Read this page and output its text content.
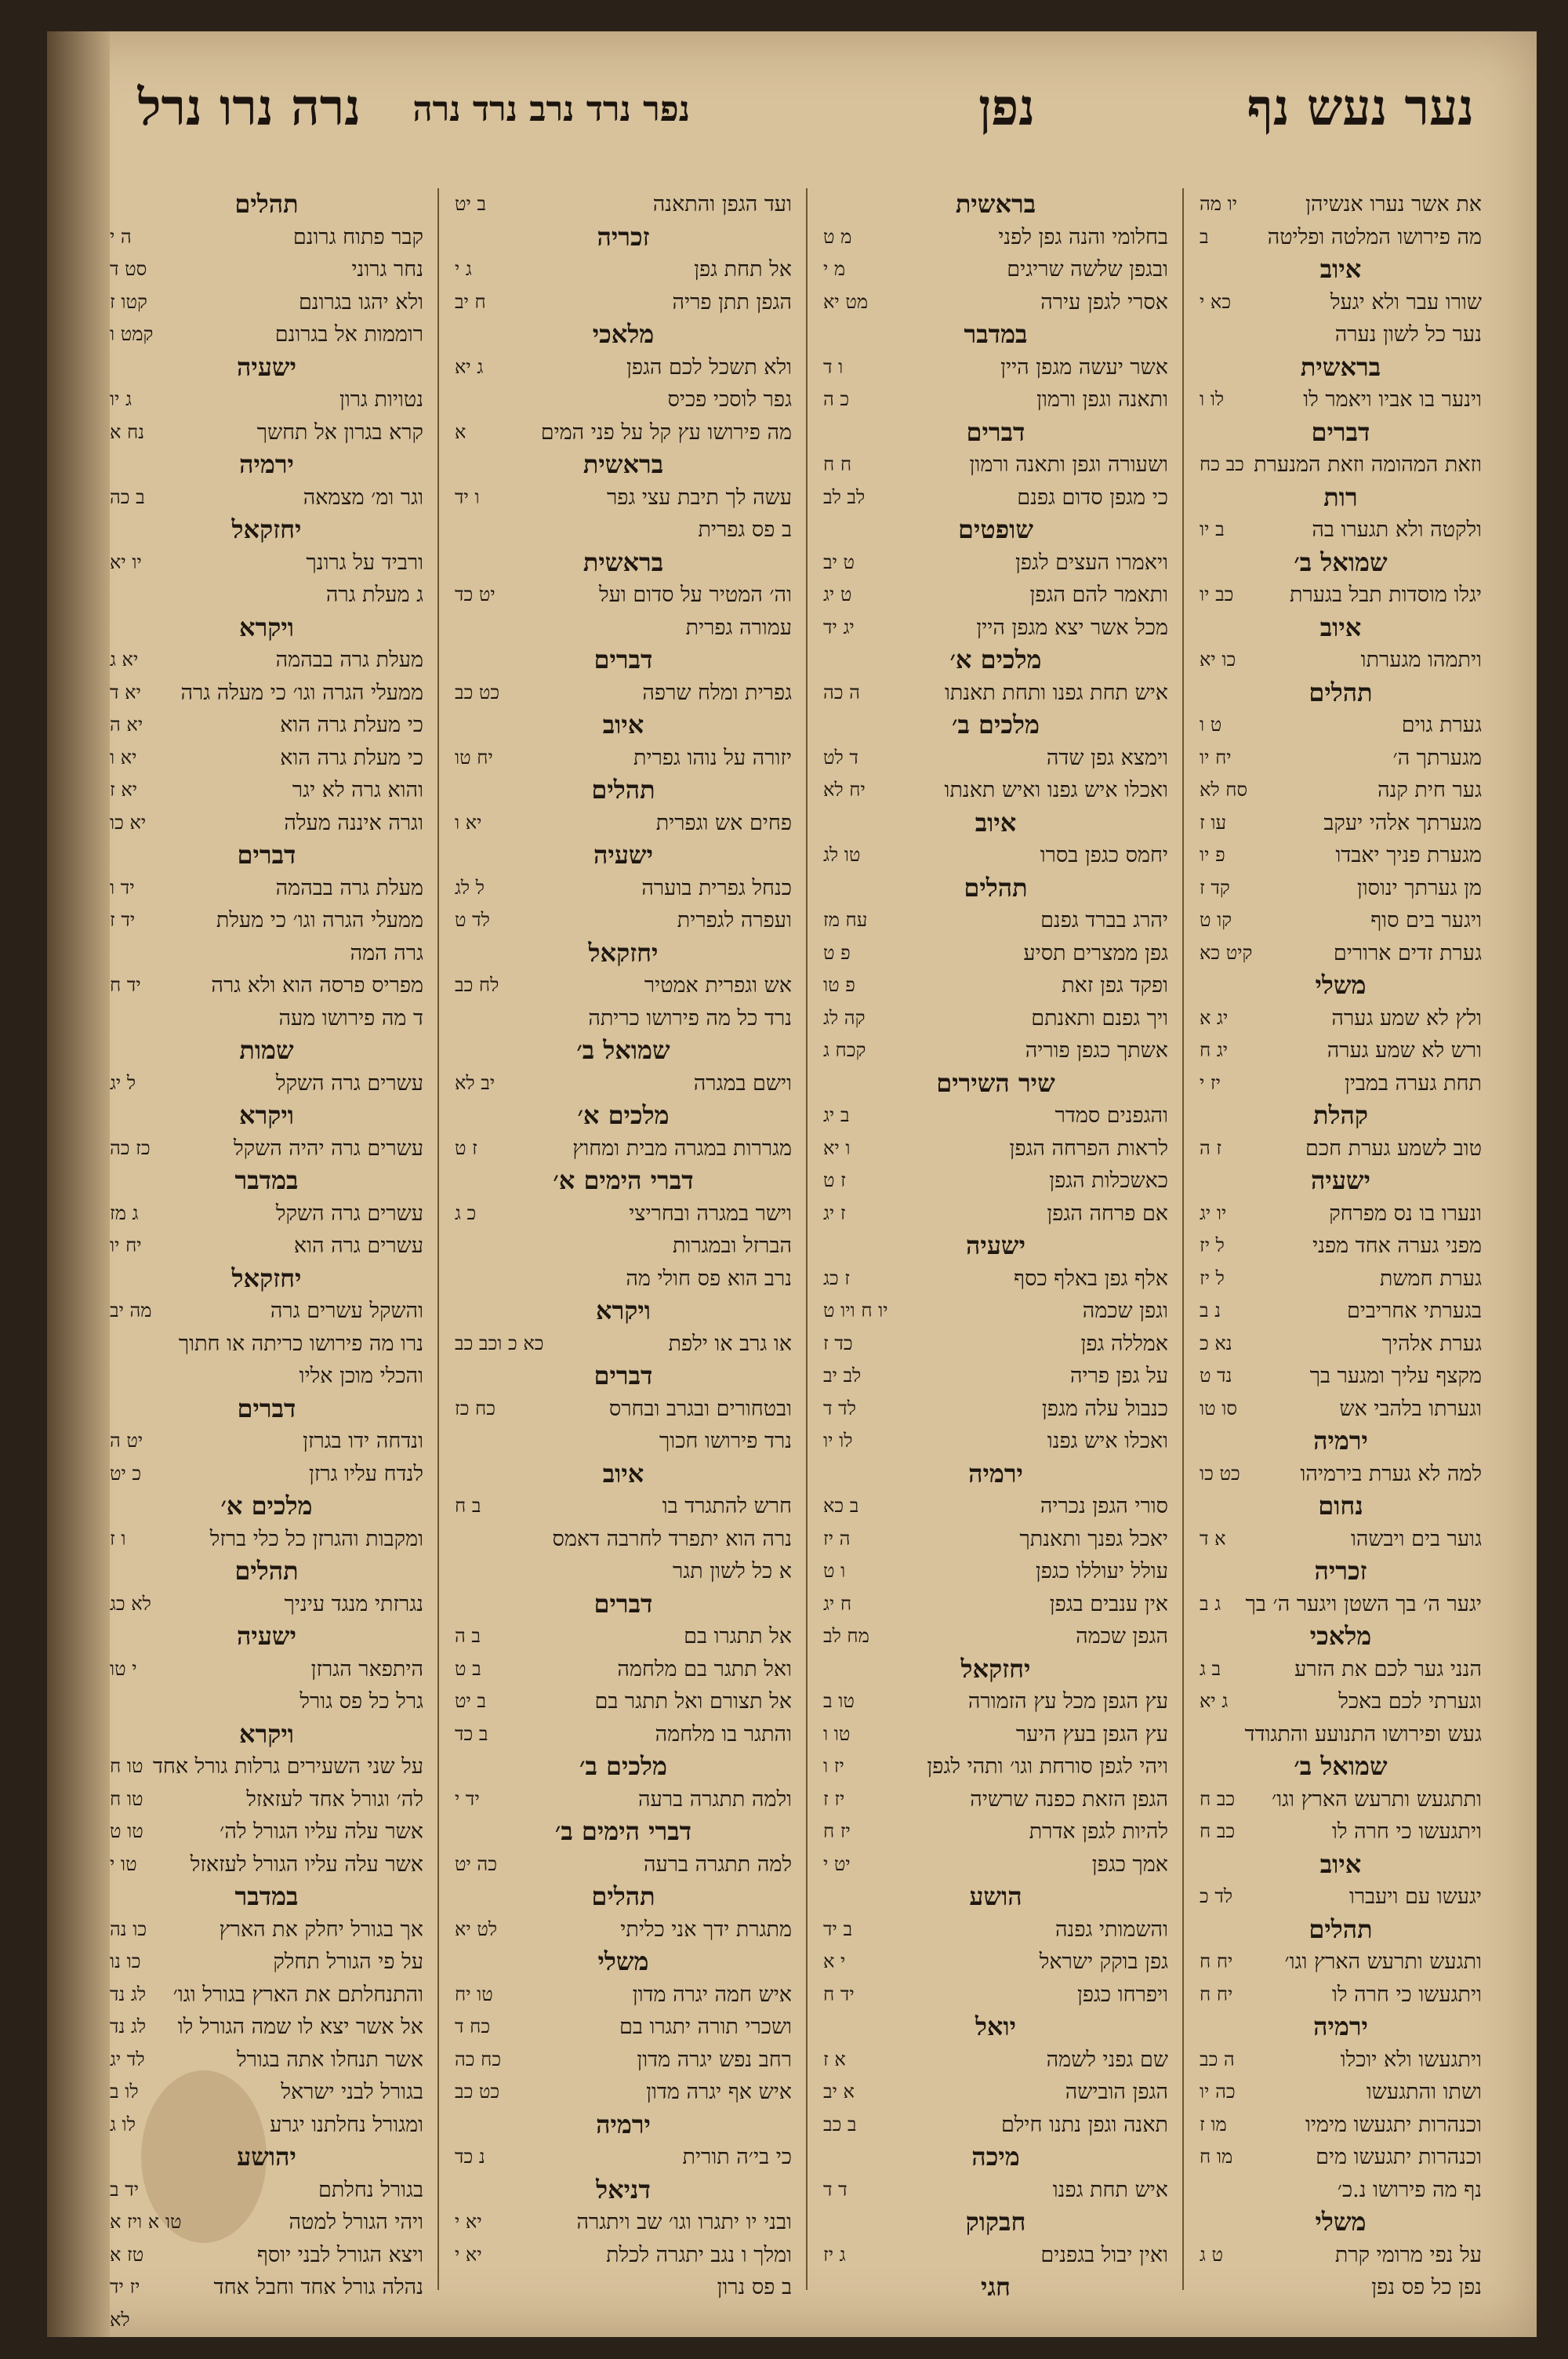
נער נעש נף
נפן
נפר נרד נרב נרד נרה
נרה נרו נרל
את אשר נערו אנשיהן
יו מה
מה פירושו המלטה ופליטה
ב
איוב
שורו עבר ולא יגעל
כא י
נער כל לשון נערה
בראשית
וינער בו אביו ויאמר לו
לו ו
דברים
וזאת המהומה וזאת המנערת
כב כח
רות
ולקטה ולא תגערו בה
ב יו
שמואל ב׳
יגלו מוסדות תבל בגערת
כב יו
איוב
ויתמהו מגערתו
כו יא
תהלים
גערת גוים
ט ו
מגערתך ה׳
יח יו
גער חית קנה
סח לא
מגערתך אלהי יעקב
עו ז
מגערת פניך יאבדו
פ יו
מן גערתך ינוסון
קד ז
ויגער בים סוף
קו ט
גערת זדים ארורים
קיט כא
משלי
ולץ לא שמע גערה
יג א
ורש לא שמע גערה
יג ח
תחת גערה במבין
יז י
קהלת
טוב לשמע גערת חכם
ז ה
ישעיה
ונערו בו נס מפרחק
יו יג
מפני גערה אחד מפני
ל יז
גערת חמשת
ל יז
בגערתי אחריבים
נ ב
גערת אלהיך
נא כ
מקצף עליך ומגער בך
נד ט
וגערתו בלהבי אש
סו טו
ירמיה
למה לא גערת בירמיהו
כט כו
נחום
גוער בים ויבשהו
א ד
זכריה
יגער ה׳ בך השטן ויגער ה׳ בך
ג ב
מלאכי
הנני גער לכם את הזרע
ב ג
וגערתי לכם באכל
ג יא
געש ופירושו התנועע והתגודד
שמואל ב׳
ותתגעש ותרעש הארץ וגו׳
כב ח
ויתגעשו כי חרה לו
כב ח
איוב
יגעשו עם ויעברו
לד כ
תהלים
ותגעש ותרעש הארץ וגו׳
יח ח
ויתגעשו כי חרה לו
יח ח
ירמיה
ויתגעשו ולא יוכלו
ה כב
ושתו והתגעשו
כה יו
וכנהרות יתגעשו מימיו
מו ז
וכנהרות יתגעשו מים
מו ח
נף מה פירושו נ.כ׳
משלי
על נפי מרומי קרת
ט ג
נפן כל פס נפן
בראשית
בחלומי והנה גפן לפני
מ ט
ובגפן שלשה שריגים
מ י
אסרי לגפן עירה
מט יא
במדבר
אשר יעשה מגפן היין
ו ד
ותאנה וגפן ורמון
כ ה
דברים
ושעורה וגפן ותאנה ורמון
ח ח
כי מגפן סדום גפנם
לב לב
שופטים
ויאמרו העצים לגפן
ט יב
ותאמר להם הגפן
ט יג
מכל אשר יצא מגפן היין
יג יד
מלכים א׳
איש תחת גפנו ותחת תאנתו
ה כה
מלכים ב׳
וימצא גפן שדה
ד לט
ואכלו איש גפנו ואיש תאנתו
יח לא
איוב
יחמס כגפן בסרו
טו לג
תהלים
יהרג בברד גפנם
עח מז
גפן ממצרים תסיע
פ ט
ופקד גפן זאת
פ טו
ויך גפנם ותאנתם
קה לג
אשתך כגפן פוריה
קכח ג
שיר השירים
והגפנים סמדר
ב יג
לראות הפרחה הגפן
ו יא
כאשכלות הגפן
ז ט
אם פרחה הגפן
ז יג
ישעיה
אלף גפן באלף כסף
ז כג
וגפן שכמה
יו ח ויו ט
אמללה גפן
כד ז
על גפן פריה
לב יב
כנבול עלה מגפן
לד ד
ואכלו איש גפנו
לו יו
ירמיה
סורי הגפן נכריה
ב כא
יאכל גפנך ותאנתך
ה יז
עולל יעוללו כגפן
ו ט
אין ענבים בגפן
ח יג
הגפן שכמה
מח לב
יחזקאל
עץ הגפן מכל עץ הזמורה
טו ב
עץ הגפן בעץ היער
טו ו
ויהי לגפן סורחת וגו׳ ותהי לגפן
יז ו
הגפן הזאת כפנה שרשיה
יז ז
להיות לגפן אדרת
יז ח
אמך כגפן
יט י
הושע
והשמותי גפנה
ב יד
גפן בוקק ישראל
י א
ויפרחו כגפן
יד ח
יואל
שם גפני לשמה
א ז
הגפן הובישה
א יב
תאנה וגפן נתנו חילם
ב כב
מיכה
איש תחת גפנו
ד ד
חבקוק
ואין יבול בגפנים
ג יז
חגי
ועד הגפן והתאנה
ב יט
זכריה
אל תחת גפן
ג י
הגפן תתן פריה
ח יב
מלאכי
ולא תשכל לכם הגפן
ג יא
גפר לוסכי פכיס
מה פירושו עץ קל על פני המים
א
בראשית
עשה לך תיבת עצי גפר
ו יד
ב פס גפרית
בראשית
וה׳ המטיר על סדום ועל
יט כד
עמורה גפרית
דברים
גפרית ומלח שרפה
כט כב
איוב
יזורה על נוהו גפרית
יח טו
תהלים
פחים אש וגפרית
יא ו
ישעיה
כנחל גפרית בוערה
ל לג
ועפרה לגפרית
לד ט
יחזקאל
אש וגפרית אמטיר
לח כב
נרד כל מה פירושו כריתה
שמואל ב׳
וישם במגרה
יב לא
מלכים א׳
מגררות במגרה מבית ומחוץ
ז ט
דברי הימים א׳
וישר במגרה ובחריצי
כ ג
הברזל ובמגרות
נרב הוא פס חולי מה
ויקרא
או גרב או ילפת
כא כ וכב כב
דברים
ובטחורים ובגרב ובחרס
כח כז
נרד פירושו חכוך
איוב
חרש להתגרד בו
ב ח
נרה הוא יתפרד לחרבה דאמס
א כל לשון תגר
דברים
אל תתגרו בם
ב ה
ואל תתגר בם מלחמה
ב ט
אל תצורם ואל תתגר בם
ב יט
והתגר בו מלחמה
ב כד
מלכים ב׳
ולמה תתגרה ברעה
יד י
דברי הימים ב׳
למה תתגרה ברעה
כה יט
תהלים
מתגרת ידך אני כליתי
לט יא
משלי
איש חמה יגרה מדון
טו יח
ושכרי תורה יתגרו בם
כח ד
רחב נפש יגרה מדון
כח כה
איש אף יגרה מדון
כט כב
ירמיה
כי בי׳ה תורית
נ כד
דניאל
ובני יו יתגרו וגו׳ שב ויתגרה
יא י
ומלך ו נגב יתגרה לכלת
יא י
ב פס נרון
תהלים
קבר פתוח גרונם
ה י
נחר גרוני
סט ד
ולא יהגו בגרונם
קטו ז
רוממות אל בגרונם
קמט ו
ישעיה
נטויות גרון
ג יו
קרא בגרון אל תחשך
נח א
ירמיה
וגר ומ׳ מצמאה
ב כה
יחזקאל
ורביד על גרונך
יו יא
ג מעלת גרה
ויקרא
מעלת גרה בבהמה
יא ג
ממעלי הגרה וגו׳ כי מעלה גרה
יא ד
כי מעלת גרה הוא
יא ה
כי מעלת גרה הוא
יא ו
והוא גרה לא יגר
יא ז
וגרה איננה מעלה
יא כו
דברים
מעלת גרה בבהמה
יד ו
ממעלי הגרה וגו׳ כי מעלת
יד ז
גרה המה
מפריס פרסה הוא ולא גרה
יד ח
ד מה פירושו מעה
שמות
עשרים גרה השקל
ל יג
ויקרא
עשרים גרה יהיה השקל
כז כה
במדבר
עשרים גרה השקל
ג מז
עשרים גרה הוא
יח יו
יחזקאל
והשקל עשרים גרה
מה יב
נרו מה פירושו כריתה או חתוך
והכלי מוכן אליו
דברים
ונדחה ידו בגרזן
יט ה
לנדח עליו גרזן
כ יט
מלכים א׳
ומקבות והגרזן כל כלי ברזל
ו ז
תהלים
נגרזתי מנגד עיניך
לא כג
ישעיה
היתפאר הגרזן
י טו
גרל כל פס גורל
ויקרא
על שני השעירים גרלות גורל אחד
טו ח
לה׳ וגורל אחד לעזאזל
טו ח
אשר עלה עליו הגורל לה׳
טו ט
אשר עלה עליו הגורל לעזאזל
טו י
במדבר
אך בגורל יחלק את הארץ
כו נה
על פי הגורל תחלק
כו נו
והתנחלתם את הארץ בגורל וגו׳
לג נד
אל אשר יצא לו שמה הגורל לו
לג נד
אשר תנחלו אתה בגורל
לד יג
בגורל לבני ישראל
לו ב
ומגורל נחלתנו יגרע
לו ג
יהושע
בגורל נחלתם
יד ב
ויהי הגורל למטה
טו א ויז א
ויצא הגורל לבני יוסף
טז א
נהלה גורל אחד וחבל אחד
יז יד
לא
